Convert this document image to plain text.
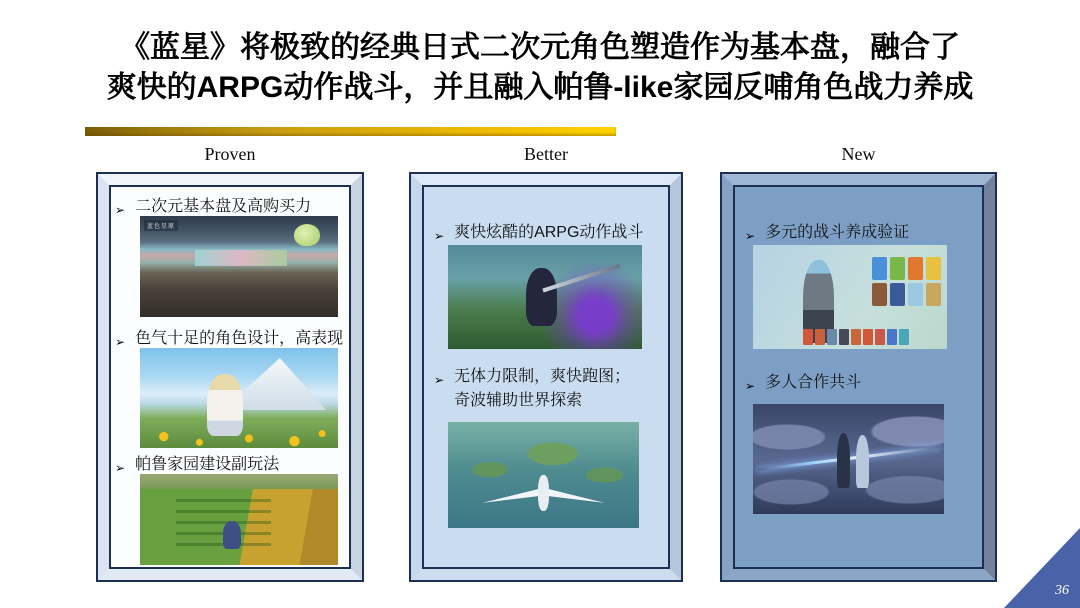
《蓝星》将极致的经典日式二次元角色塑造作为基本盘，融合了
爽快的ARPG动作战斗，并且融入帕鲁-like家园反哺角色战力养成
Proven	Better	New
➢ 二次元基本盘及高购买力
蓝色星原
➢ 色气十足的角色设计，高表现
➢ 帕鲁家园建设副玩法
➢ 爽快炫酷的ARPG动作战斗
➢ 无体力限制，爽快跑图；
奇波辅助世界探索
➢ 多元的战斗养成验证
➢ 多人合作共斗
36
